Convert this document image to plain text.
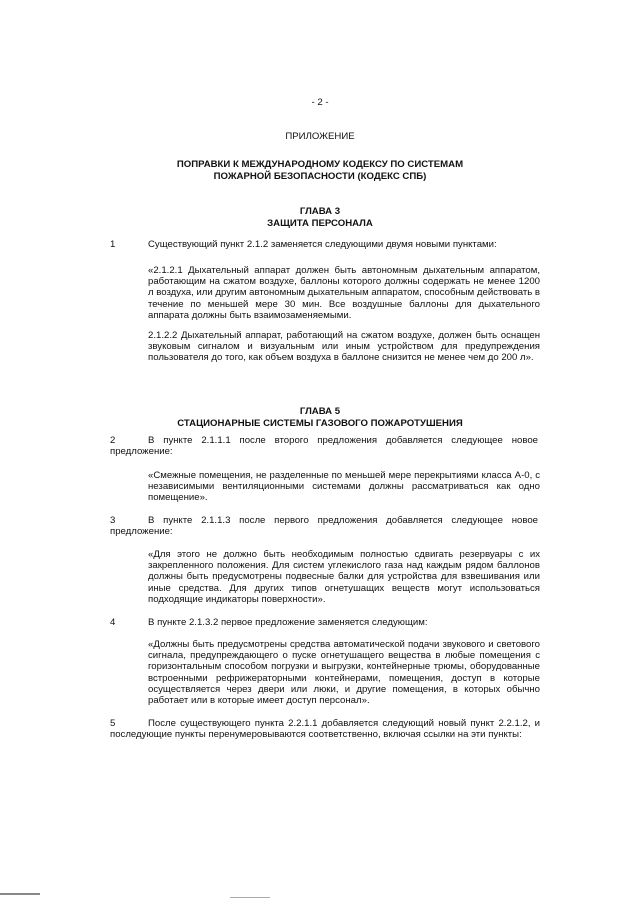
- 2 -
ПРИЛОЖЕНИЕ
ПОПРАВКИ К МЕЖДУНАРОДНОМУ КОДЕКСУ ПО СИСТЕМАМ
ПОЖАРНОЙ БЕЗОПАСНОСТИ (КОДЕКС СПБ)
ГЛАВА 3
ЗАЩИТА ПЕРСОНАЛА
1	Существующий пункт 2.1.2 заменяется следующими двумя новыми пунктами:
«2.1.2.1 Дыхательный аппарат должен быть автономным дыхательным аппаратом, работающим на сжатом воздухе, баллоны которого должны содержать не менее 1200 л воздуха, или другим автономным дыхательным аппаратом, способным действовать в течение по меньшей мере 30 мин. Все воздушные баллоны для дыхательного аппарата должны быть взаимозаменяемыми.
2.1.2.2 Дыхательный аппарат, работающий на сжатом воздухе, должен быть оснащен звуковым сигналом и визуальным или иным устройством для предупреждения пользователя до того, как объем воздуха в баллоне снизится не менее чем до 200 л».
ГЛАВА 5
СТАЦИОНАРНЫЕ СИСТЕМЫ ГАЗОВОГО ПОЖАРОТУШЕНИЯ
2	В пункте 2.1.1.1 после второго предложения добавляется следующее новое предложение:
«Смежные помещения, не разделенные по меньшей мере перекрытиями класса А-0, с независимыми вентиляционными системами должны рассматриваться как одно помещение».
3	В пункте 2.1.1.3 после первого предложения добавляется следующее новое предложение:
«Для этого не должно быть необходимым полностью сдвигать резервуары с их закрепленного положения. Для систем углекислого газа над каждым рядом баллонов должны быть предусмотрены подвесные балки для устройства для взвешивания или иные средства. Для других типов огнетушащих веществ могут использоваться подходящие индикаторы поверхности».
4	В пункте 2.1.3.2 первое предложение заменяется следующим:
«Должны быть предусмотрены средства автоматической подачи звукового и светового сигнала, предупреждающего о пуске огнетушащего вещества в любые помещения с горизонтальным способом погрузки и выгрузки, контейнерные трюмы, оборудованные встроенными рефрижераторными контейнерами, помещения, доступ в которые осуществляется через двери или люки, и другие помещения, в которых обычно работает или в которые имеет доступ персонал».
5	После существующего пункта 2.2.1.1 добавляется следующий новый пункт 2.2.1.2, и последующие пункты перенумеровываются соответственно, включая ссылки на эти пункты:
